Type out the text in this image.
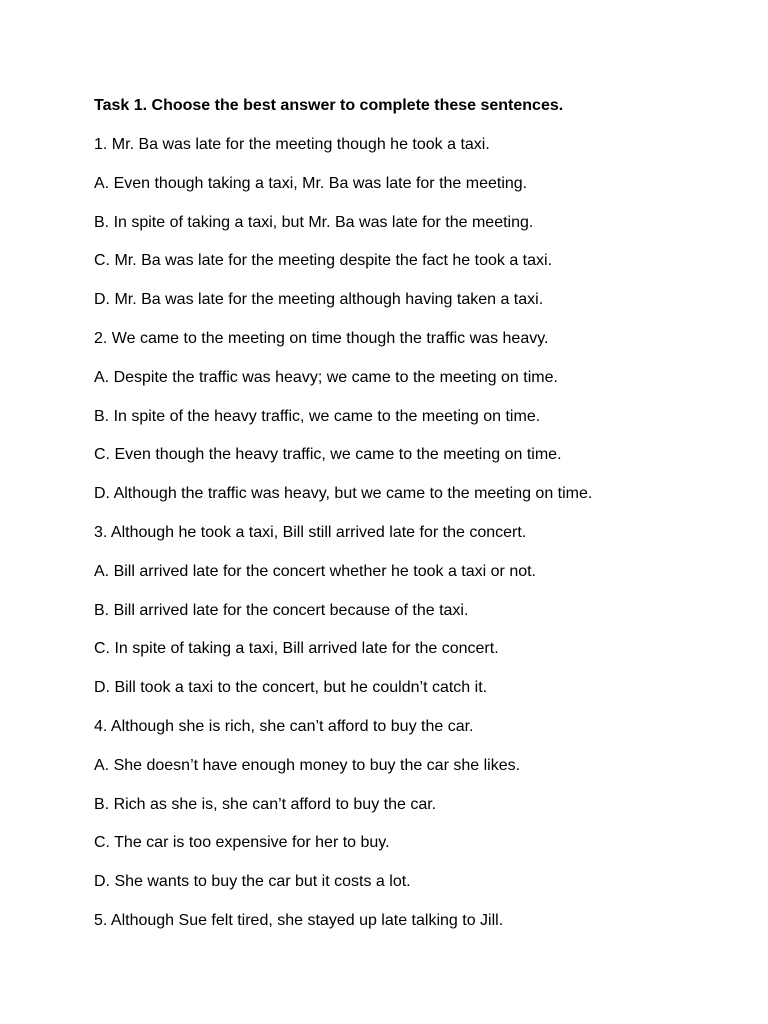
Task 1. Choose the best answer to complete these sentences.
1. Mr. Ba was late for the meeting though he took a taxi.
A. Even though taking a taxi, Mr. Ba was late for the meeting.
B. In spite of taking a taxi, but Mr. Ba was late for the meeting.
C. Mr. Ba was late for the meeting despite the fact he took a taxi.
D. Mr. Ba was late for the meeting although having taken a taxi.
2. We came to the meeting on time though the traffic was heavy.
A. Despite the traffic was heavy; we came to the meeting on time.
B. In spite of the heavy traffic, we came to the meeting on time.
C. Even though the heavy traffic, we came to the meeting on time.
D. Although the traffic was heavy, but we came to the meeting on time.
3. Although he took a taxi, Bill still arrived late for the concert.
A. Bill arrived late for the concert whether he took a taxi or not.
B. Bill arrived late for the concert because of the taxi.
C. In spite of taking a taxi, Bill arrived late for the concert.
D. Bill took a taxi to the concert, but he couldn’t catch it.
4. Although she is rich, she can’t afford to buy the car.
A. She doesn’t have enough money to buy the car she likes.
B. Rich as she is, she can’t afford to buy the car.
C. The car is too expensive for her to buy.
D. She wants to buy the car but it costs a lot.
5. Although Sue felt tired, she stayed up late talking to Jill.
